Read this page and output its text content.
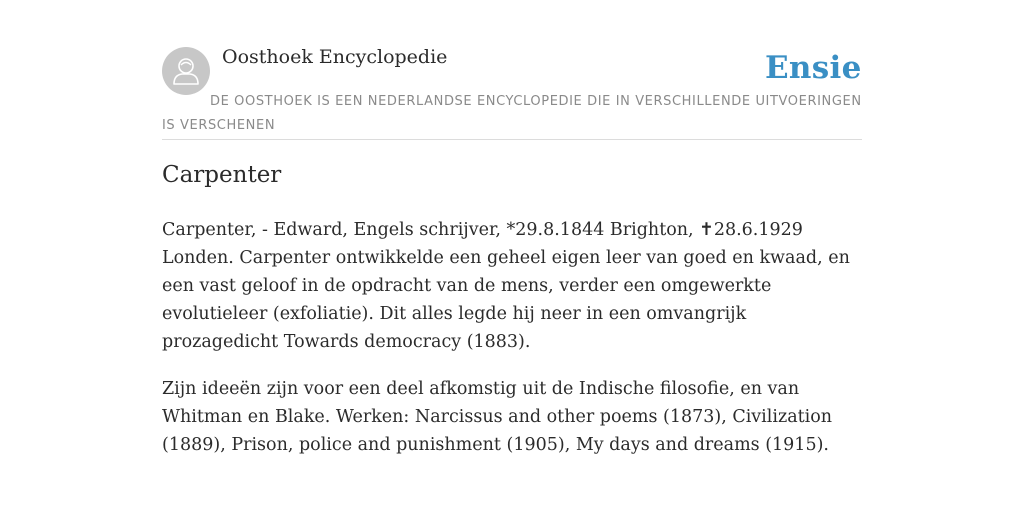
Oosthoek Encyclopedie	Ensie

DE OOSTHOEK IS EEN NEDERLANDSE ENCYCLOPEDIE DIE IN VERSCHILLENDE UITVOERINGEN IS VERSCHENEN

Carpenter

Carpenter, - Edward, Engels schrijver, *29.8.1844 Brighton, ✝28.6.1929 Londen. Carpenter ontwikkelde een geheel eigen leer van goed en kwaad, en een vast geloof in de opdracht van de mens, verder een omgewerkte evolutieleer (exfoliatie). Dit alles legde hij neer in een omvangrijk prozagedicht Towards democracy (1883).

Zijn ideeën zijn voor een deel afkomstig uit de Indische filosofie, en van Whitman en Blake. Werken: Narcissus and other poems (1873), Civilization (1889), Prison, police and punishment (1905), My days and dreams (1915).
